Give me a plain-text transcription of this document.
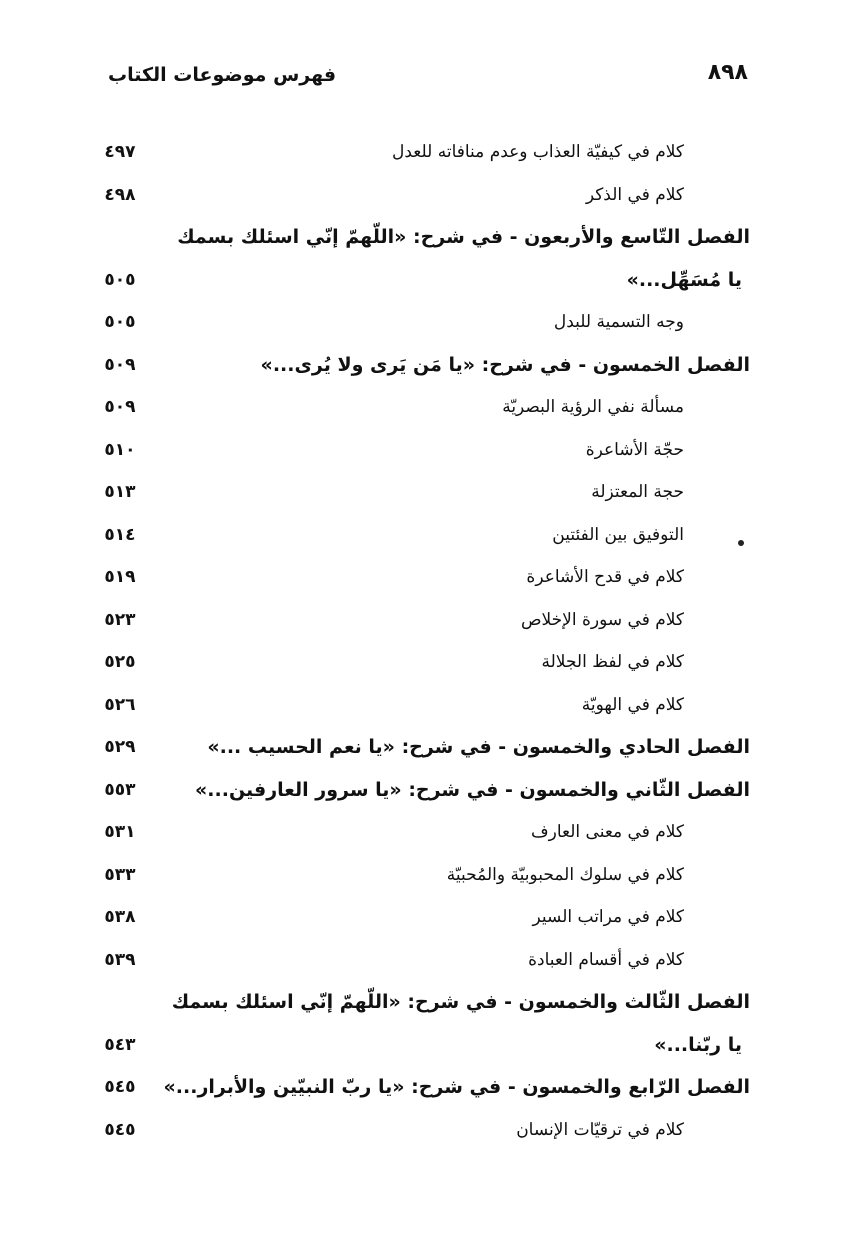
فهرس موضوعات الكتاب	٨٩٨
كلام في كيفيّة العذاب وعدم منافاته للعدل
٤٩٧
كلام في الذكر
٤٩٨
الفصل التّاسع والأربعون - في شرح: «اللّهمّ إنّي اسئلك بسمك
يا مُسَهِّل...»
٥٠٥
وجه التسمية للبدل
٥٠٥
الفصل الخمسون - في شرح: «يا مَن يَرى ولا يُرى...»
٥٠٩
مسألة نفي الرؤية البصريّة
٥٠٩
حجّة الأشاعرة
٥١٠
حجة المعتزلة
٥١٣
التوفيق بين الفئتين
٥١٤
كلام في قدح الأشاعرة
٥١٩
كلام في سورة الإخلاص
٥٢٣
كلام في لفظ الجلالة
٥٢٥
كلام في الهويّة
٥٢٦
الفصل الحادي والخمسون - في شرح: «يا نعم الحسيب ...»
٥٢٩
الفصل الثّاني والخمسون - في شرح: «يا سرور العارفين...»
٥٥٣
كلام في معنى العارف
٥٣١
كلام في سلوك المحبوبيّة والمُحبيّة
٥٣٣
كلام في مراتب السير
٥٣٨
كلام في أقسام العبادة
٥٣٩
الفصل الثّالث والخمسون - في شرح: «اللّهمّ إنّي اسئلك بسمك
يا ربّنا...»
٥٤٣
الفصل الرّابع والخمسون - في شرح: «يا ربّ النبيّين والأبرار...»
٥٤٥
كلام في ترقيّات الإنسان
٥٤٥
